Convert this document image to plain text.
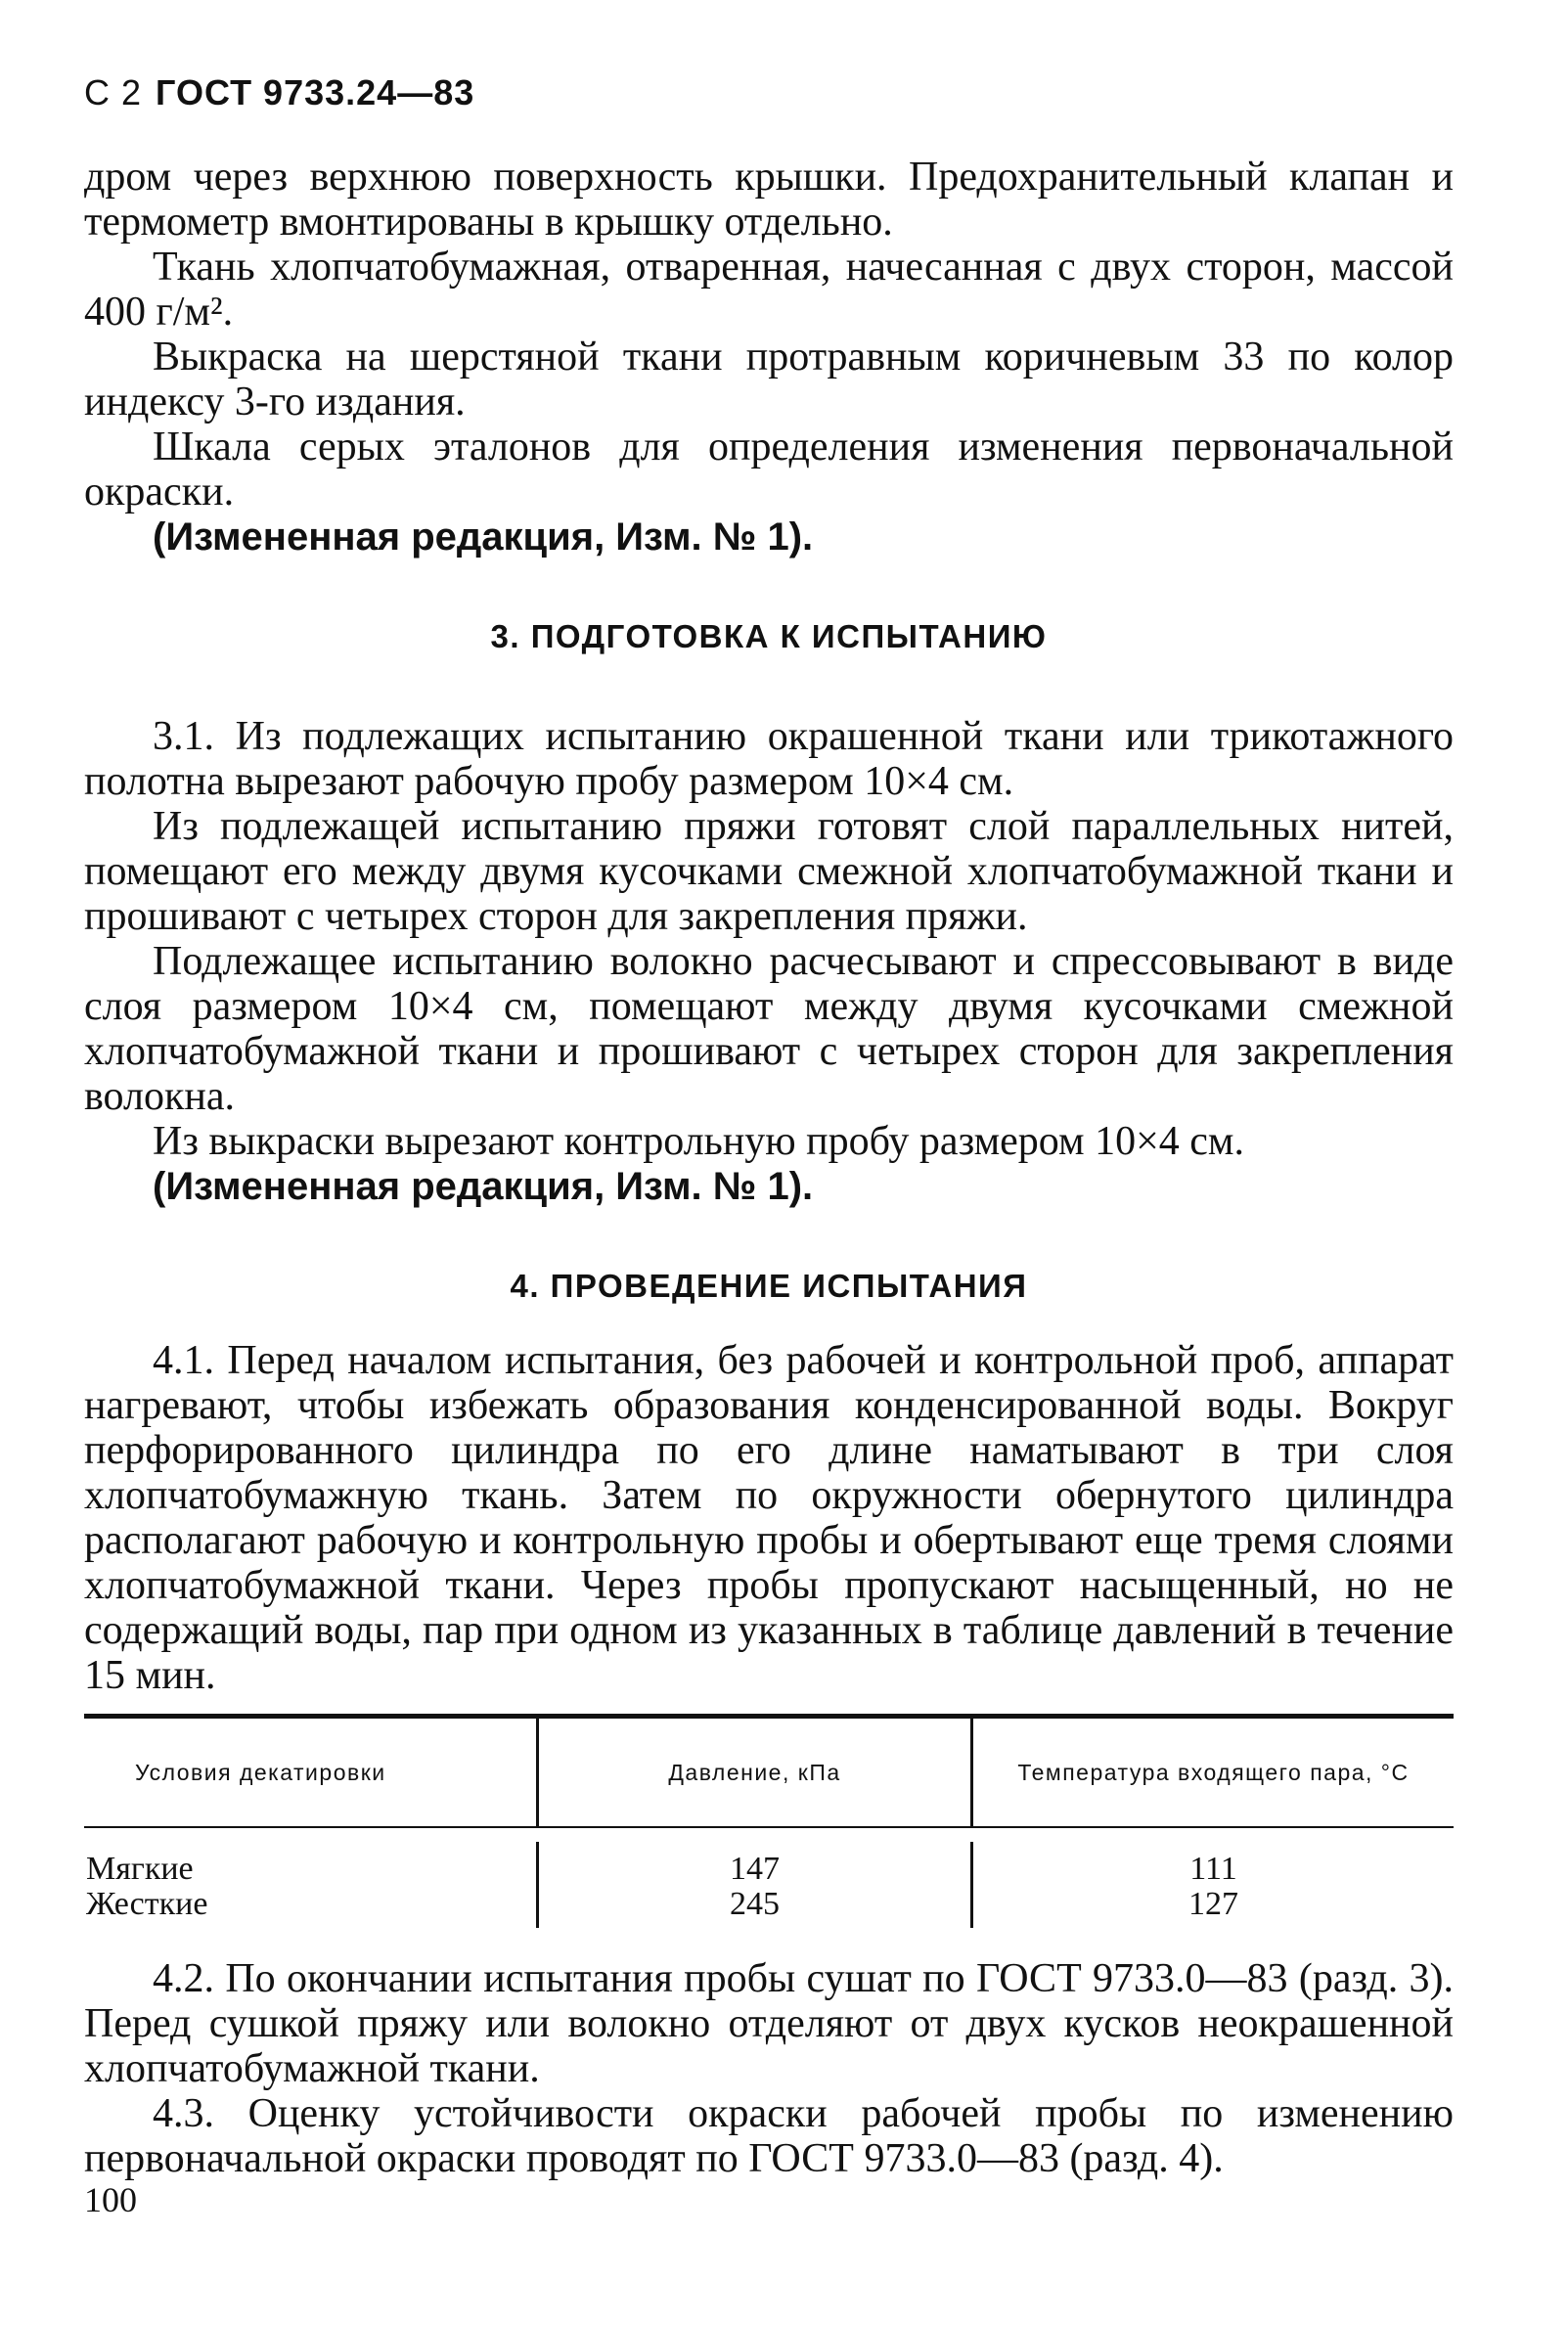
С 2 ГОСТ 9733.24—83

дром через верхнюю поверхность крышки. Предохранительный клапан и термометр вмонтированы в крышку отдельно.

Ткань хлопчатобумажная, отваренная, начесанная с двух сторон, массой 400 г/м².

Выкраска на шерстяной ткани протравным коричневым 33 по колор индексу 3-го издания.

Шкала серых эталонов для определения изменения первоначальной окраски.

(Измененная редакция, Изм. № 1).

3. ПОДГОТОВКА К ИСПЫТАНИЮ

3.1. Из подлежащих испытанию окрашенной ткани или трикотажного полотна вырезают рабочую пробу размером 10×4 см.

Из подлежащей испытанию пряжи готовят слой параллельных нитей, помещают его между двумя кусочками смежной хлопчатобумажной ткани и прошивают с четырех сторон для закрепления пряжи.

Подлежащее испытанию волокно расчесывают и спрессовывают в виде слоя размером 10×4 см, помещают между двумя кусочками смежной хлопчатобумажной ткани и прошивают с четырех сторон для закрепления волокна.

Из выкраски вырезают контрольную пробу размером 10×4 см.

(Измененная редакция, Изм. № 1).

4. ПРОВЕДЕНИЕ ИСПЫТАНИЯ

4.1. Перед началом испытания, без рабочей и контрольной проб, аппарат нагревают, чтобы избежать образования конденсированной воды. Вокруг перфорированного цилиндра по его длине наматывают в три слоя хлопчатобумажную ткань. Затем по окружности обернутого цилиндра располагают рабочую и контрольную пробы и обертывают еще тремя слоями хлопчатобумажной ткани. Через пробы пропускают насыщенный, но не содержащий воды, пар при одном из указанных в таблице давлений в течение 15 мин.

Условия декатировки	Давление, кПа	Температура входящего пара, °С
Мягкие
Жесткие
147
245
111
127

4.2. По окончании испытания пробы сушат по ГОСТ 9733.0—83 (разд. 3). Перед сушкой пряжу или волокно отделяют от двух кусков неокрашенной хлопчатобумажной ткани.

4.3. Оценку устойчивости окраски рабочей пробы по изменению первоначальной окраски проводят по ГОСТ 9733.0—83 (разд. 4).

100
